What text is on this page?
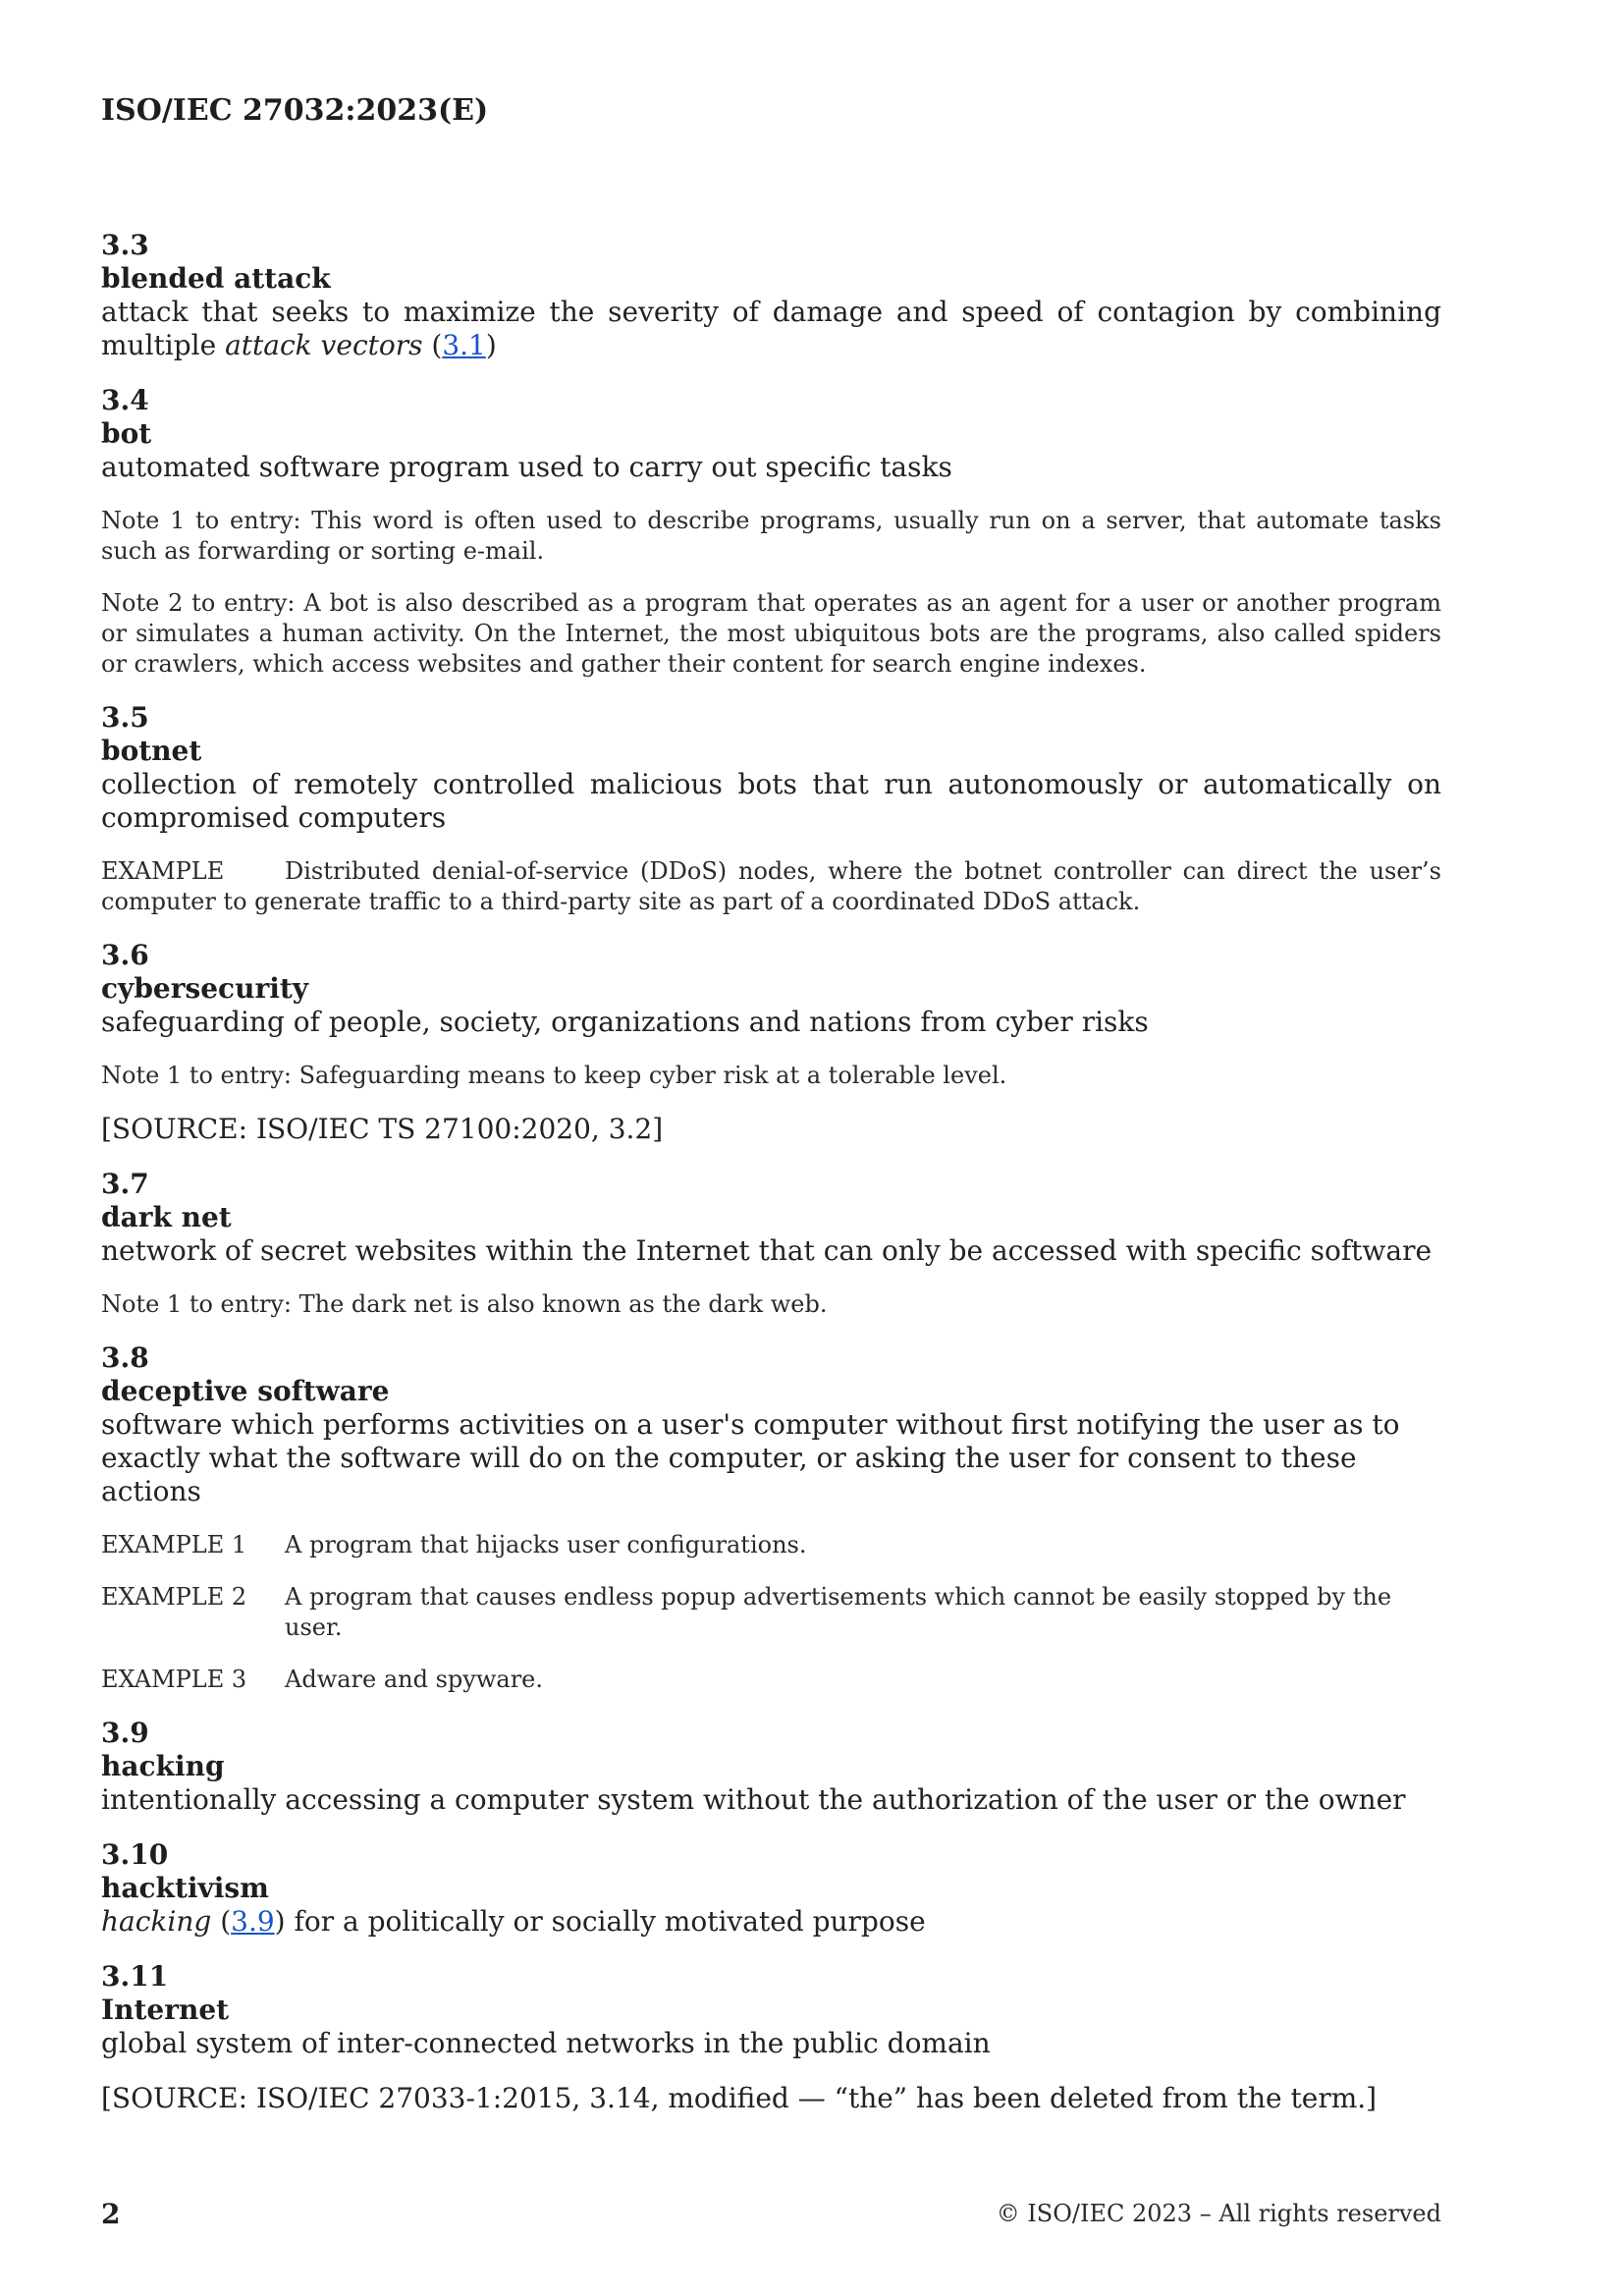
ISO/IEC 27032:2023(E)
3.3
blended attack
attack that seeks to maximize the severity of damage and speed of contagion by combining multiple attack vectors (3.1)
3.4
bot
automated software program used to carry out specific tasks
Note 1 to entry: This word is often used to describe programs, usually run on a server, that automate tasks such as forwarding or sorting e-mail.
Note 2 to entry: A bot is also described as a program that operates as an agent for a user or another program or simulates a human activity. On the Internet, the most ubiquitous bots are the programs, also called spiders or crawlers, which access websites and gather their content for search engine indexes.
3.5
botnet
collection of remotely controlled malicious bots that run autonomously or automatically on compromised computers
EXAMPLE	Distributed denial-of-service (DDoS) nodes, where the botnet controller can direct the user’s computer to generate traffic to a third-party site as part of a coordinated DDoS attack.
3.6
cybersecurity
safeguarding of people, society, organizations and nations from cyber risks
Note 1 to entry: Safeguarding means to keep cyber risk at a tolerable level.
[SOURCE: ISO/IEC TS 27100:2020, 3.2]
3.7
dark net
network of secret websites within the Internet that can only be accessed with specific software
Note 1 to entry: The dark net is also known as the dark web.
3.8
deceptive software
software which performs activities on a user's computer without first notifying the user as to exactly what the software will do on the computer, or asking the user for consent to these actions
EXAMPLE 1	A program that hijacks user configurations.
EXAMPLE 2	A program that causes endless popup advertisements which cannot be easily stopped by the user.
EXAMPLE 3	Adware and spyware.
3.9
hacking
intentionally accessing a computer system without the authorization of the user or the owner
3.10
hacktivism
hacking (3.9) for a politically or socially motivated purpose
3.11
Internet
global system of inter-connected networks in the public domain
[SOURCE: ISO/IEC 27033-1:2015, 3.14, modified — “the” has been deleted from the term.]
2	© ISO/IEC 2023 – All rights reserved
